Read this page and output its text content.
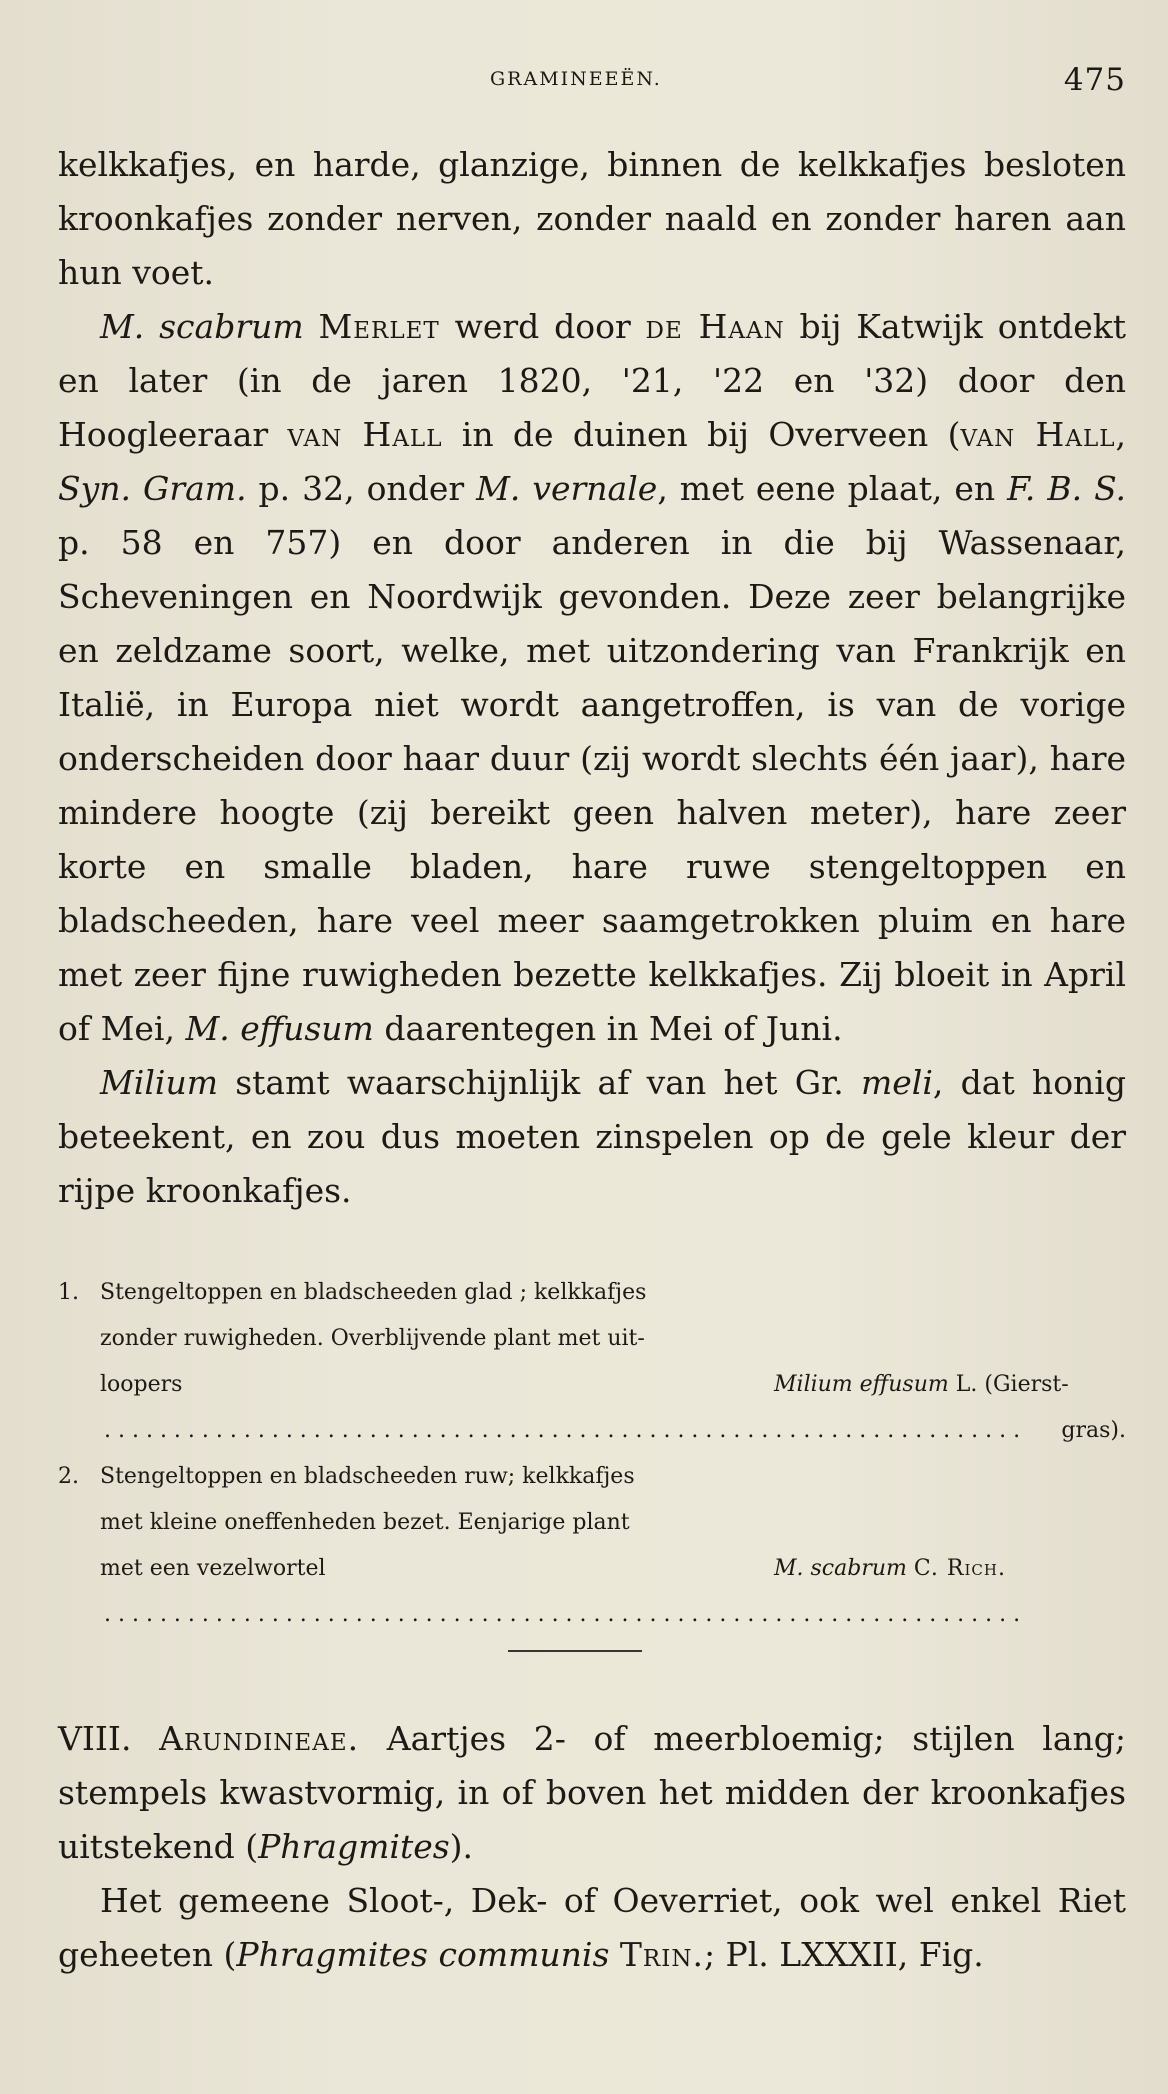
GRAMINEEËN.	475

kelkkafjes, en harde, glanzige, binnen de kelkkafjes besloten kroonkafjes zonder nerven, zonder naald en zonder haren aan hun voet.

M. scabrum Merlet werd door de Haan bij Katwijk ontdekt en later (in de jaren 1820, '21, '22 en '32) door den Hoogleeraar van Hall in de duinen bij Overveen (van Hall, Syn. Gram. p. 32, onder M. vernale, met eene plaat, en F. B. S. p. 58 en 757) en door anderen in die bij Wassenaar, Scheveningen en Noordwijk gevonden. Deze zeer belangrijke en zeldzame soort, welke, met uitzondering van Frankrijk en Italië, in Europa niet wordt aangetroffen, is van de vorige onderscheiden door haar duur (zij wordt slechts één jaar), hare mindere hoogte (zij bereikt geen halven meter), hare zeer korte en smalle bladen, hare ruwe stengeltoppen en bladscheeden, hare veel meer saamgetrokken pluim en hare met zeer fijne ruwigheden bezette kelkkafjes. Zij bloeit in April of Mei, M. effusum daarentegen in Mei of Juni.

Milium stamt waarschijnlijk af van het Gr. meli, dat honig beteekent, en zou dus moeten zinspelen op de gele kleur der rijpe kroonkafjes.

1. Stengeltoppen en bladscheeden glad ; kelkkafjes
zonder ruwigheden. Overblijvende plant met uit-
loopers
. . . . . . . . . . . . . . . . . . . . . . . . . . . . . . . . . . . . . . . . . . . . . . . . . . . . . . . . . . . . . . . . . .
Milium effusum L. (Gierst-
gras).
2. Stengeltoppen en bladscheeden ruw; kelkkafjes
met kleine oneffenheden bezet. Eenjarige plant
met een vezelwortel
. . . . . . . . . . . . . . . . . . . . . . . . . . . . . . . . . . . . . . . . . . . . . . . . . . . . . . . . . . . . . . . . . .
M. scabrum C. Rich.

VIII. Arundineae. Aartjes 2- of meerbloemig; stijlen lang; stempels kwastvormig, in of boven het midden der kroonkafjes uitstekend (Phragmites).

Het gemeene Sloot-, Dek- of Oeverriet, ook wel enkel Riet geheeten (Phragmites communis Trin.; Pl. LXXXII, Fig.
